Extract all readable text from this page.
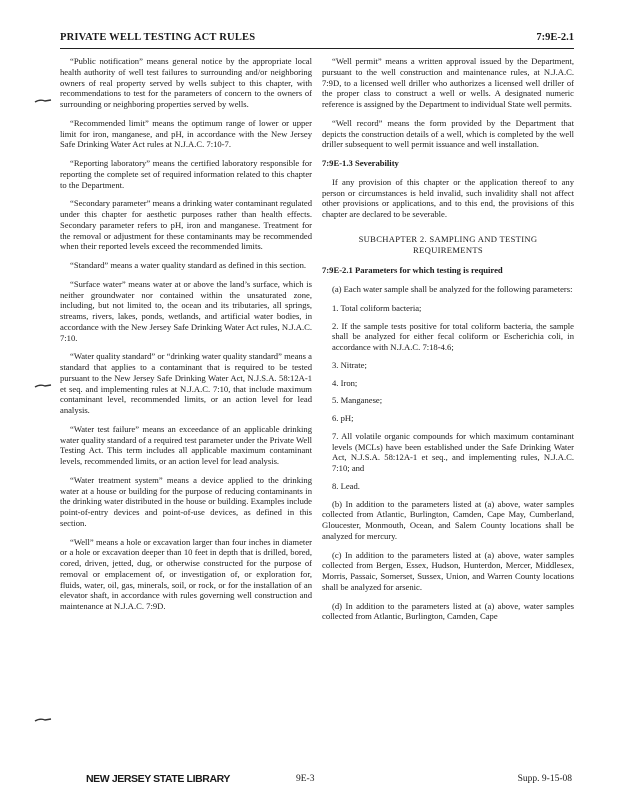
PRIVATE WELL TESTING ACT RULES	7:9E-2.1

“Public notification” means general notice by the appropriate local health authority of well test failures to surrounding and/or neighboring owners of real property served by wells subject to this chapter, with recommendations to test for the parameters of concern to the owners of surrounding or neighboring properties served by wells.

“Recommended limit” means the optimum range of lower or upper limit for iron, manganese, and pH, in accordance with the New Jersey Safe Drinking Water Act rules at N.J.A.C. 7:10-7.

“Reporting laboratory” means the certified laboratory responsible for reporting the complete set of required information related to this chapter to the Department.

“Secondary parameter” means a drinking water contaminant regulated under this chapter for aesthetic purposes rather than health effects. Secondary parameter refers to pH, iron and manganese. Treatment for the removal or adjustment for these contaminants may be recommended when their reported levels exceed the recommended limits.

“Standard” means a water quality standard as defined in this section.

“Surface water” means water at or above the land’s surface, which is neither groundwater nor contained within the unsaturated zone, including, but not limited to, the ocean and its tributaries, all springs, streams, rivers, lakes, ponds, wetlands, and artificial water bodies, in accordance with the New Jersey Safe Drinking Water Act rules, N.J.A.C. 7:10.

“Water quality standard” or “drinking water quality standard” means a standard that applies to a contaminant that is required to be tested pursuant to the New Jersey Safe Drinking Water Act, N.J.S.A. 58:12A-1 et seq. and implementing rules at N.J.A.C. 7:10, that include maximum contaminant level, recommended limits, or an action level for lead analysis.

“Water test failure” means an exceedance of an applicable drinking water quality standard of a required test parameter under the Private Well Testing Act. This term includes all applicable maximum contaminant levels, recommended limits, or an action level for lead analysis.

“Water treatment system” means a device applied to the drinking water at a house or building for the purpose of reducing contaminants in the drinking water distributed in the house or building. Examples include point-of-entry devices and point-of-use devices, as defined in this section.

“Well” means a hole or excavation larger than four inches in diameter or a hole or excavation deeper than 10 feet in depth that is drilled, bored, cored, driven, jetted, dug, or otherwise constructed for the purpose of removal or emplacement of, or investigation of, or exploration for, fluids, water, oil, gas, minerals, soil, or rock, or for the installation of an elevator shaft, in accordance with rules governing well construction and maintenance at N.J.A.C. 7:9D.

“Well permit” means a written approval issued by the Department, pursuant to the well construction and maintenance rules, at N.J.A.C. 7:9D, to a licensed well driller who authorizes a licensed well driller of the proper class to construct a well or wells. A designated numeric reference is assigned by the Department to individual State well permits.

“Well record” means the form provided by the Department that depicts the construction details of a well, which is completed by the well driller subsequent to well permit issuance and well installation.

7:9E-1.3 Severability

If any provision of this chapter or the application thereof to any person or circumstances is held invalid, such invalidity shall not affect other provisions or applications, and to this end, the provisions of this chapter are declared to be severable.

SUBCHAPTER 2. SAMPLING AND TESTING
REQUIREMENTS
7:9E-2.1 Parameters for which testing is required

(a) Each water sample shall be analyzed for the following parameters:

1. Total coliform bacteria;

2. If the sample tests positive for total coliform bacteria, the sample shall be analyzed for either fecal coliform or Escherichia coli, in accordance with N.J.A.C. 7:18-4.6;

3. Nitrate;

4. Iron;

5. Manganese;

6. pH;

7. All volatile organic compounds for which maximum contaminant levels (MCLs) have been established under the Safe Drinking Water Act, N.J.S.A. 58:12A-1 et seq., and implementing rules, N.J.A.C. 7:10; and

8. Lead.

(b) In addition to the parameters listed at (a) above, water samples collected from Atlantic, Burlington, Camden, Cape May, Cumberland, Gloucester, Monmouth, Ocean, and Salem County locations shall be analyzed for mercury.

(c) In addition to the parameters listed at (a) above, water samples collected from Bergen, Essex, Hudson, Hunterdon, Mercer, Middlesex, Morris, Passaic, Somerset, Sussex, Union, and Warren County locations shall be analyzed for arsenic.

(d) In addition to the parameters listed at (a) above, water samples collected from Atlantic, Burlington, Camden, Cape

NEW JERSEY STATE LIBRARY	9E-3	Supp. 9-15-08
